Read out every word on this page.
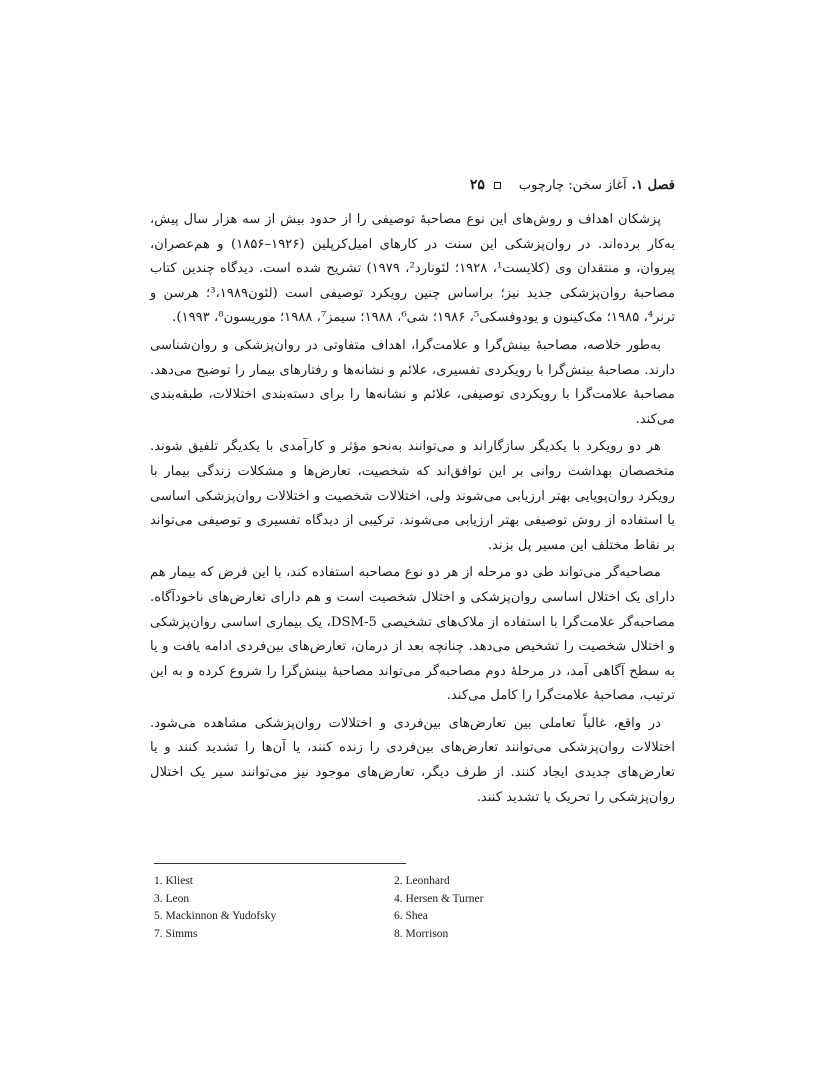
فصل ۱.
آغاز سخن: چارچوب
۲۵

پزشکان اهداف و روش‌های این نوع مصاحبهٔ توصیفی را از حدود بیش از سه هزار سال پیش، به‌کار برده‌اند. در روان‌پزشکی این سنت در کارهای امیل‌کرپلین (۱۹۲۶–۱۸۵۶) و هم‌عصران، پیروان، و منتقدان وی (کلایست¹، ۱۹۲۸؛ لئونارد²، ۱۹۷۹) تشریح شده است. دیدگاه چندین کتاب مصاحبهٔ روان‌پزشکی جدید نیز؛ براساس چنین رویکرد توصیفی است (لئون³،۱۹۸۹؛ هرسن و ترنر⁴، ۱۹۸۵؛ مک‌کینون و یودوفسکی⁵، ۱۹۸۶؛ شی⁶، ۱۹۸۸؛ سیمز⁷، ۱۹۸۸؛ موریسون⁸، ۱۹۹۳).

به‌طور خلاصه، مصاحبهٔ بینش‌گرا و علامت‌گرا، اهداف متفاوتی در روان‌پزشکی و روان‌شناسی دارند. مصاحبهٔ بینش‌گرا با رویکردی تفسیری، علائم و نشانه‌ها و رفتارهای بیمار را توضیح می‌دهد. مصاحبهٔ علامت‌گرا با رویکردی توصیفی، علائم و نشانه‌ها را برای دسته‌بندی اختلالات، طبقه‌بندی می‌کند.

هر دو رویکرد با یکدیگر سازگاراند و می‌توانند به‌نحو مؤثر و کارآمدی با یکدیگر تلفیق شوند. متخصصان بهداشت روانی بر این توافق‌اند که شخصیت، تعارض‌ها و مشکلات زندگی بیمار با رویکرد روان‌پویایی بهتر ارزیابی می‌شوند ولی، اختلالات شخصیت و اختلالات روان‌پزشکی اساسی با استفاده از روش توصیفی بهتر ارزیابی می‌شوند. ترکیبی از دیدگاه تفسیری و توصیفی می‌تواند بر نقاط مختلف این مسیر پل بزند.

مصاحبه‌گر می‌تواند طی دو مرحله از هر دو نوع مصاحبه استفاده کند، با این فرض که بیمار هم دارای یک اختلال اساسی روان‌پزشکی و اختلال شخصیت است و هم دارای تعارض‌های ناخودآگاه. مصاحبه‌گر علامت‌گرا با استفاده از ملاک‌های تشخیصی DSM-5، یک بیماری اساسی روان‌پزشکی و اختلال شخصیت را تشخیص می‌دهد. چنانچه بعد از درمان، تعارض‌های بین‌فردی ادامه یافت و یا به سطح آگاهی آمد، در مرحلهٔ دوم مصاحبه‌گر می‌تواند مصاحبهٔ بینش‌گرا را شروع کرده و به این ترتیب، مصاحبهٔ علامت‌گرا را کامل می‌کند.

در واقع، غالباً تعاملی بین تعارض‌های بین‌فردی و اختلالات روان‌پزشکی مشاهده می‌شود. اختلالات روان‌پزشکی می‌توانند تعارض‌های بین‌فردی را زنده کنند، یا آن‌ها را تشدید کنند و یا تعارض‌های جدیدی ایجاد کنند. از طرف دیگر، تعارض‌های موجود نیز می‌توانند سیر یک اختلال روان‌پزشکی را تحریک یا تشدید کنند.

1. Kliest	2. Leonhard
3. Leon	4. Hersen & Turner
5. Mackinnon & Yudofsky	6. Shea
7. Simms	8. Morrison
